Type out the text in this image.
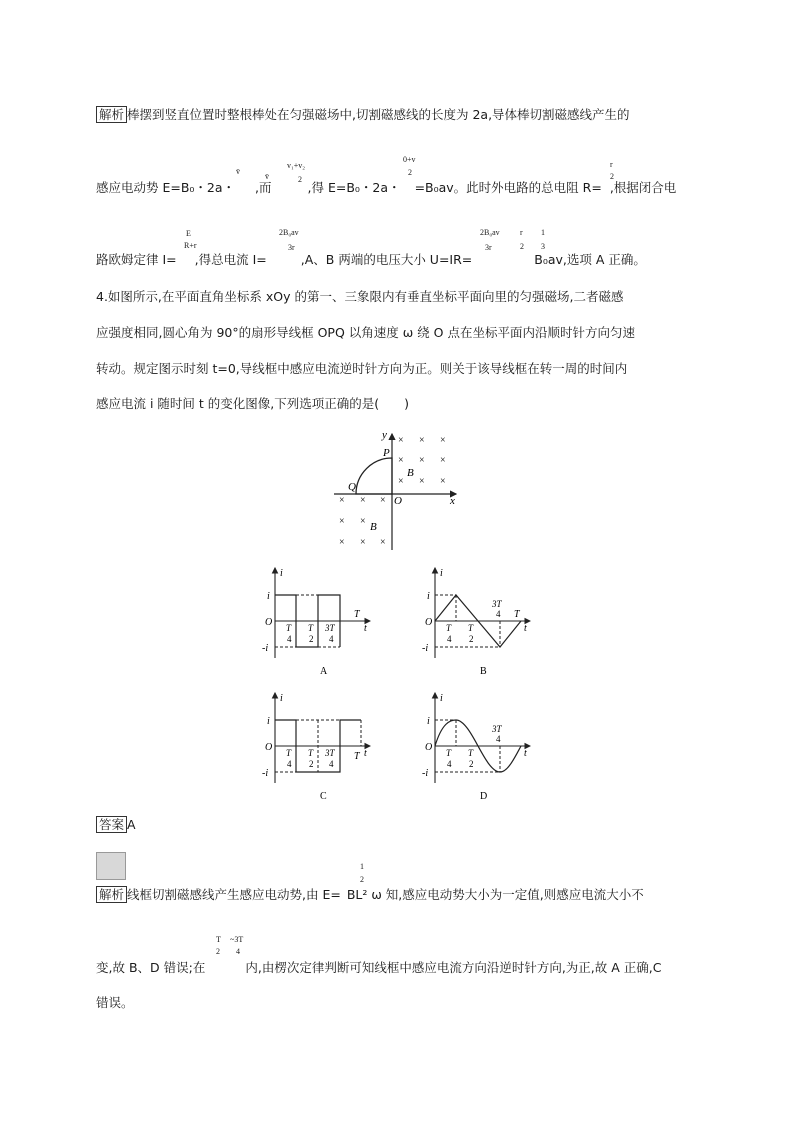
解析 棒摆到竖直位置时整根棒处在匀强磁场中,切割磁感线的长度为 2a,导体棒切割磁感线产生的
v̄
v̄
v₁+v₂
2
0+v
2
r
2
感应电动势 E=B₀・2a・ ,而	,得 E=B₀・2a・ =B₀av。此时外电路的总电阻 R= ,根据闭合电
E
R+r
2B₀av
3r
2B₀av
3r
r
2
1
3
路欧姆定律 I= ,得总电流 I=	,A、B 两端的电压大小 U=IR=	B₀av,选项 A 正确。
4.如图所示,在平面直角坐标系 xOy 的第一、三象限内有垂直坐标平面向里的匀强磁场,二者磁感
应强度相同,圆心角为 90°的扇形导线框 OPQ 以角速度 ω 绕 O 点在坐标平面内沿顺时针方向匀速
转动。规定图示时刻 t=0,导线框中感应电流逆时针方向为正。则关于该导线框在转一周的时间内
感应电流 i 随时间 t 的变化图像,下列选项正确的是(　　)
y
x
O
P
Q
B
B
× × ×
× × ×
× × ×
× × ×
× ×
× × ×
i
t
O
i
-i
T
T
4
T
2
3T
4
A
i
t
O
i
-i
T
T
4
T
2
3T
4
B
i
t
O
i
-i
T
T
4
T
2
3T
4
C
i
t
O
i
-i
T
4
T
2
3T
4
D
答案 A
1
2
解析 线框切割磁感线产生感应电动势,由 E= BL² ω 知,感应电动势大小为一定值,则感应电流大小不
T
2
~3T
4
变,故 B、D 错误;在	内,由楞次定律判断可知线框中感应电流方向沿逆时针方向,为正,故 A 正确,C
错误。
